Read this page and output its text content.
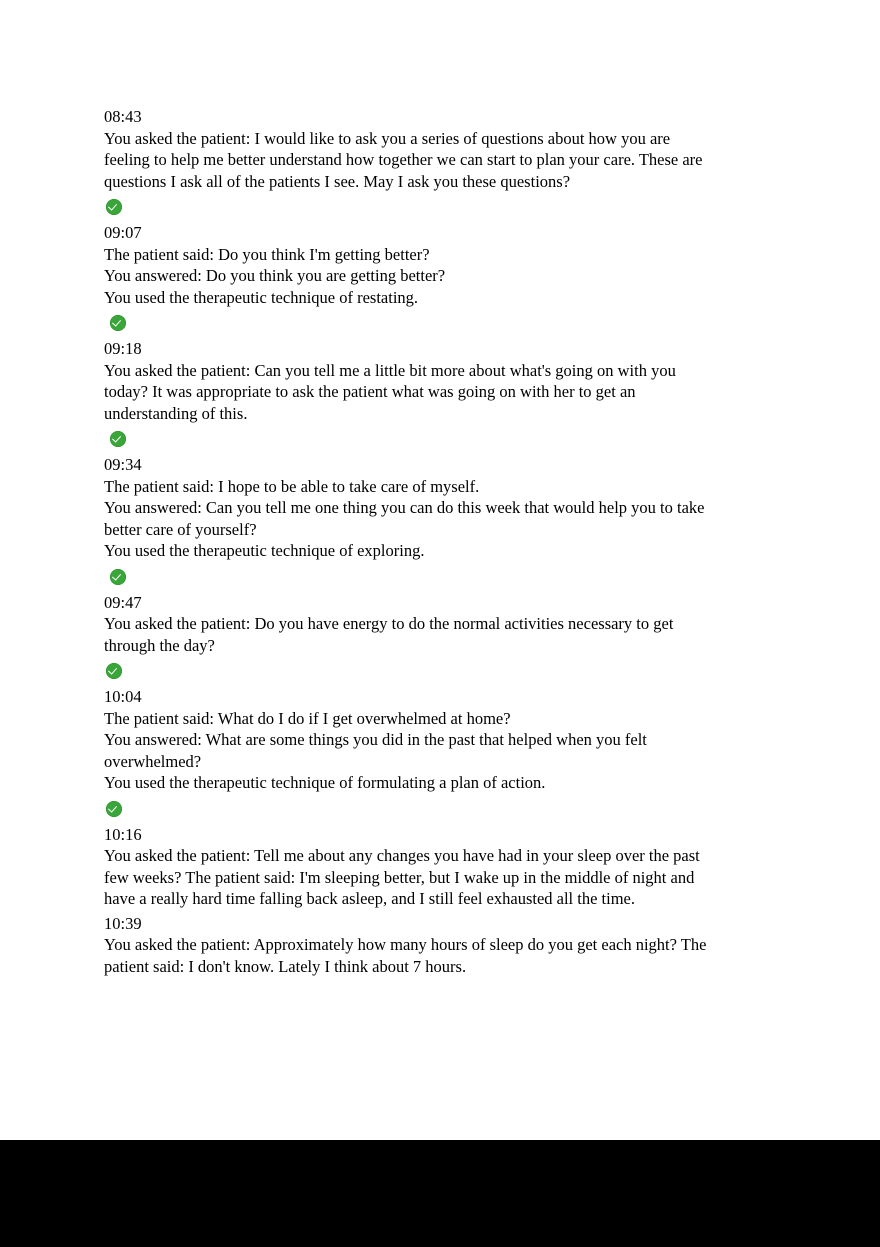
08:43
You asked the patient: I would like to ask you a series of questions about how you are feeling to help me better understand how together we can start to plan your care. These are questions I ask all of the patients I see. May I ask you these questions?
09:07
The patient said: Do you think I'm getting better?
You answered: Do you think you are getting better?
You used the therapeutic technique of restating.
09:18
You asked the patient: Can you tell me a little bit more about what's going on with you today? It was appropriate to ask the patient what was going on with her to get an understanding of this.
09:34
The patient said: I hope to be able to take care of myself.
You answered: Can you tell me one thing you can do this week that would help you to take better care of yourself?
You used the therapeutic technique of exploring.
09:47
You asked the patient: Do you have energy to do the normal activities necessary to get through the day?
10:04
The patient said: What do I do if I get overwhelmed at home?
You answered: What are some things you did in the past that helped when you felt overwhelmed?
You used the therapeutic technique of formulating a plan of action.
10:16
You asked the patient: Tell me about any changes you have had in your sleep over the past few weeks? The patient said: I'm sleeping better, but I wake up in the middle of night and have a really hard time falling back asleep, and I still feel exhausted all the time.
10:39
You asked the patient: Approximately how many hours of sleep do you get each night? The patient said: I don't know. Lately I think about 7 hours.
